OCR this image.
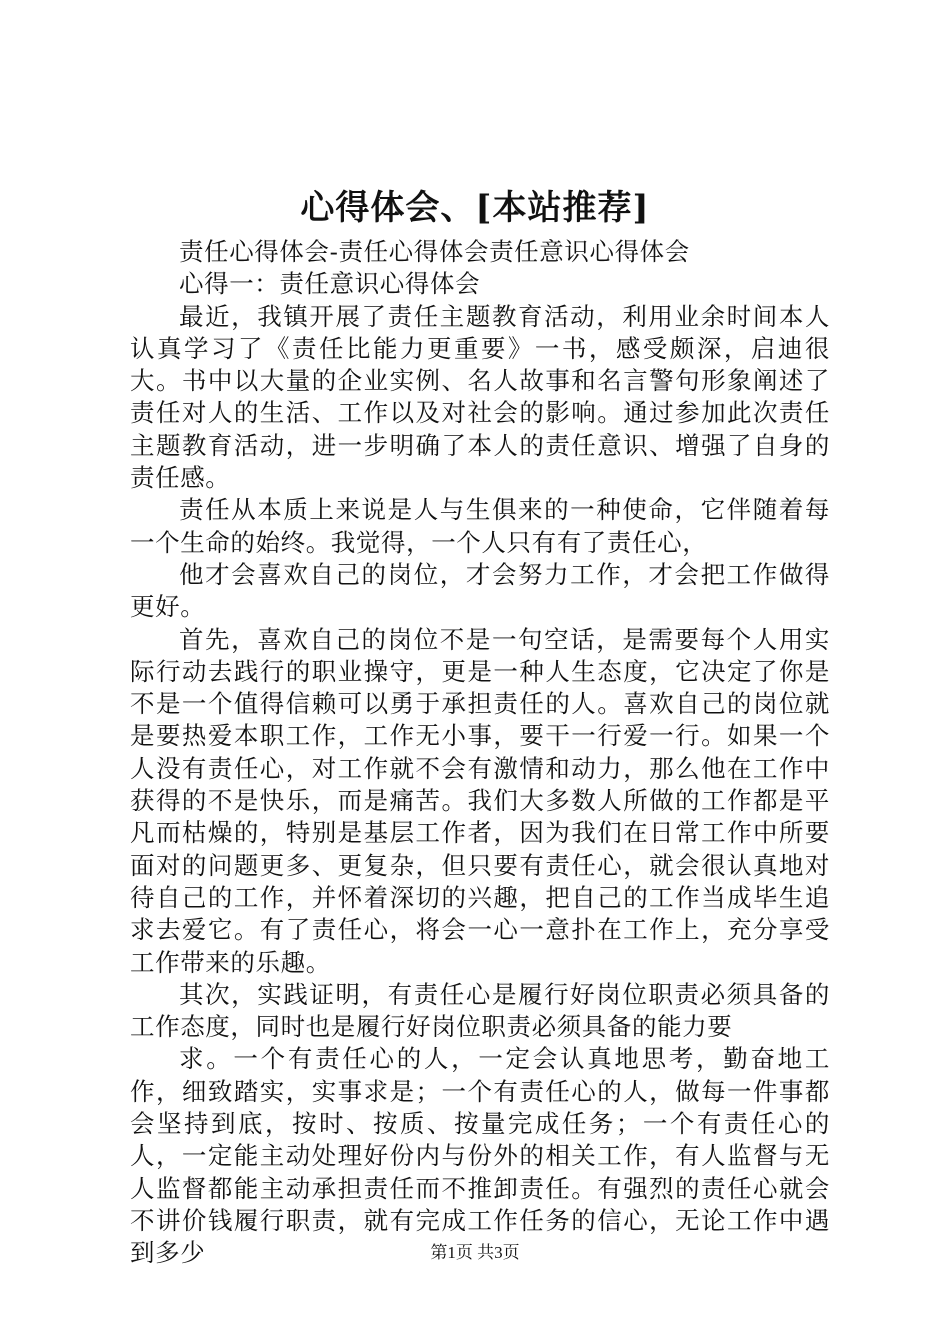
心得体会、[本站推荐]

责任心得体会-责任心得体会责任意识心得体会

心得一：责任意识心得体会

最近，我镇开展了责任主题教育活动，利用业余时间本人认真学习了《责任比能力更重要》一书，感受颇深，启迪很大。书中以大量的企业实例、名人故事和名言警句形象阐述了责任对人的生活、工作以及对社会的影响。通过参加此次责任主题教育活动，进一步明确了本人的责任意识、增强了自身的责任感。

责任从本质上来说是人与生俱来的一种使命，它伴随着每一个生命的始终。我觉得，一个人只有有了责任心，

他才会喜欢自己的岗位，才会努力工作，才会把工作做得更好。

首先，喜欢自己的岗位不是一句空话，是需要每个人用实际行动去践行的职业操守，更是一种人生态度，它决定了你是不是一个值得信赖可以勇于承担责任的人。喜欢自己的岗位就是要热爱本职工作，工作无小事，要干一行爱一行。如果一个人没有责任心，对工作就不会有激情和动力，那么他在工作中获得的不是快乐，而是痛苦。我们大多数人所做的工作都是平凡而枯燥的，特别是基层工作者，因为我们在日常工作中所要面对的问题更多、更复杂，但只要有责任心，就会很认真地对待自己的工作，并怀着深切的兴趣，把自己的工作当成毕生追求去爱它。有了责任心，将会一心一意扑在工作上，充分享受工作带来的乐趣。

其次，实践证明，有责任心是履行好岗位职责必须具备的工作态度，同时也是履行好岗位职责必须具备的能力要

求。一个有责任心的人，一定会认真地思考，勤奋地工作，细致踏实，实事求是；一个有责任心的人，做每一件事都会坚持到底，按时、按质、按量完成任务；一个有责任心的人，一定能主动处理好份内与份外的相关工作，有人监督与无人监督都能主动承担责任而不推卸责任。有强烈的责任心就会不讲价钱履行职责，就有完成工作任务的信心，无论工作中遇到多少	第1页 共3页
